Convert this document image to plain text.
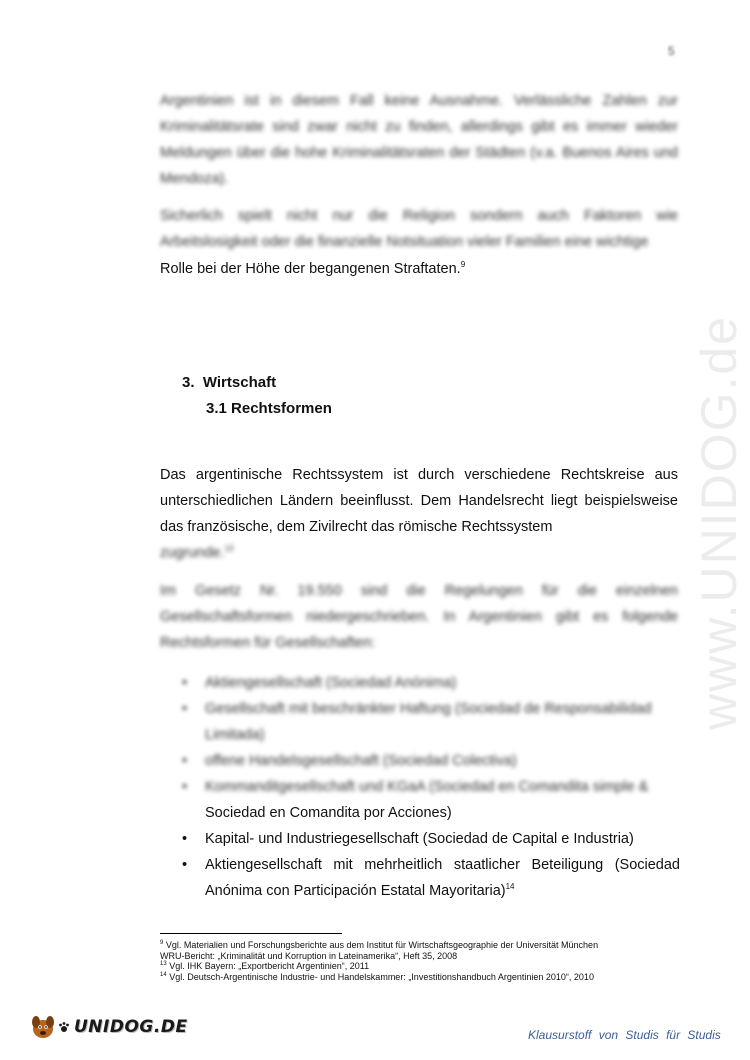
5
www.UNIDOG.de
Argentinien ist in diesem Fall keine Ausnahme. Verlässliche Zahlen zur Kriminalitätsrate sind zwar nicht zu finden, allerdings gibt es immer wieder Meldungen über die hohe Kriminalitätsraten der Städten (v.a. Buenos Aires und Mendoza).
Sicherlich spielt nicht nur die Religion sondern auch Faktoren wie Arbeitslosigkeit oder die finanzielle Notsituation vieler Familien eine wichtige
Rolle bei der Höhe der begangenen Straftaten.$^9$
3. Wirtschaft
3.1 Rechtsformen
Das argentinische Rechtssystem ist durch verschiedene Rechtskreise aus unterschiedlichen Ländern beeinflusst. Dem Handelsrecht liegt beispielsweise das französische, dem Zivilrecht das römische Rechtssystem
zugrunde.$^{13}$
Im Gesetz Nr. 19.550 sind die Regelungen für die einzelnen Gesellschaftsformen niedergeschrieben. In Argentinien gibt es folgende Rechtsformen für Gesellschaften:
• Aktiengesellschaft (Sociedad Anónima)
• Gesellschaft mit beschränkter Haftung (Sociedad de Responsabilidad Limitada)
• offene Handelsgesellschaft (Sociedad Colectiva)
• Kommanditgesellschaft und KGaA (Sociedad en Comandita simple &
Sociedad en Comandita por Acciones)
• Kapital- und Industriegesellschaft (Sociedad de Capital e Industria)
• Aktiengesellschaft mit mehrheitlich staatlicher Beteiligung (Sociedad Anónima con Participación Estatal Mayoritaria)$^{14}$
$^9$ Vgl. Materialien und Forschungsberichte aus dem Institut für Wirtschaftsgeographie der Universität München
WRU-Bericht: „Kriminalität und Korruption in Lateinamerika“, Heft 35, 2008
$^{13}$ Vgl. IHK Bayern: „Exportbericht Argentinien“, 2011
$^{14}$ Vgl. Deutsch-Argentinische Industrie- und Handelskammer: „Investitionshandbuch Argentinien 2010“, 2010
UNIDOG.DE	Klausurstoff von Studis für Studis
